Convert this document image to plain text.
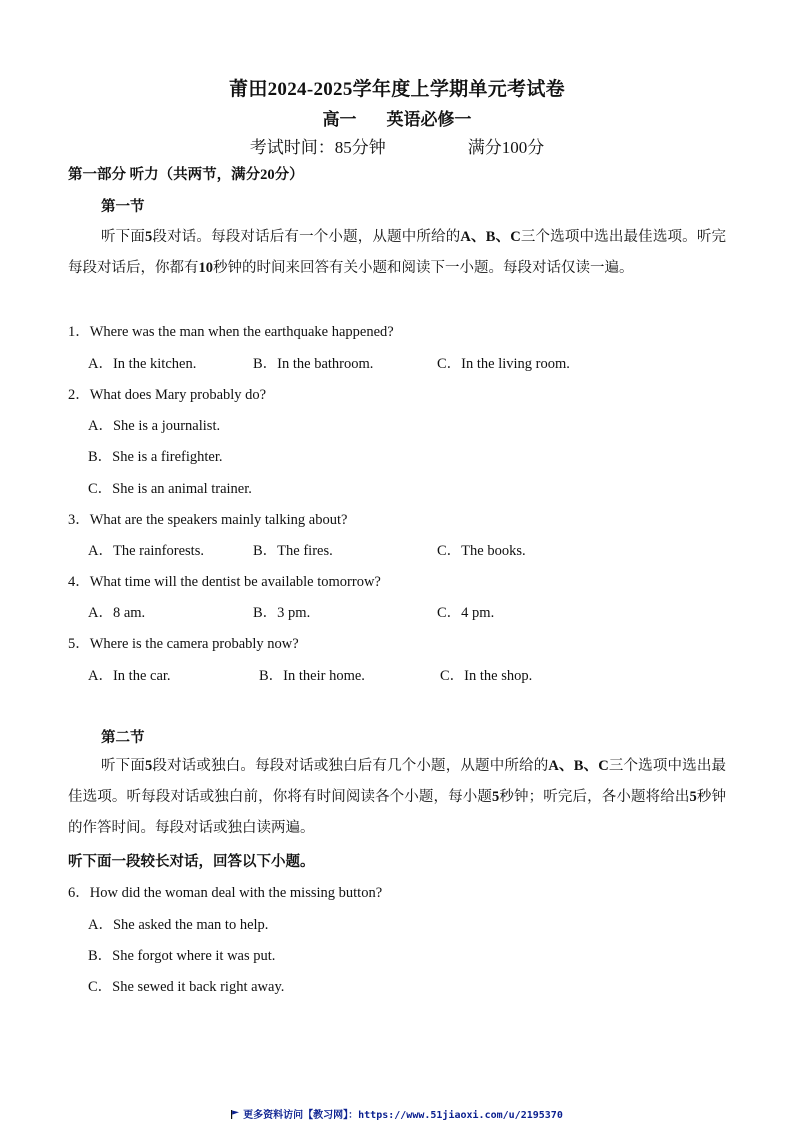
莆田2024-2025学年度上学期单元考试卷
高一 英语必修一
考试时间：85分钟	满分100分
第一部分 听力（共两节，满分20分）
第一节
听下面5段对话。每段对话后有一个小题，从题中所给的A、B、C三个选项中选出最佳选项。听完每段对话后，你都有10秒钟的时间来回答有关小题和阅读下一小题。每段对话仅读一遍。
1．Where was the man when the earthquake happened?
A．In the kitchen.	B．In the bathroom.	C．In the living room.
2．What does Mary probably do?
A．She is a journalist.
B．She is a firefighter.
C．She is an animal trainer.
3．What are the speakers mainly talking about?
A．The rainforests.	B．The fires.	C．The books.
4．What time will the dentist be available tomorrow?
A．8 am.	B．3 pm.	C．4 pm.
5．Where is the camera probably now?
A．In the car.	B．In their home.	C．In the shop.
第二节
听下面5段对话或独白。每段对话或独白后有几个小题，从题中所给的A、B、C三个选项中选出最佳选项。听每段对话或独白前，你将有时间阅读各个小题，每小题5秒钟；听完后，各小题将给出5秒钟的作答时间。每段对话或独白读两遍。
听下面一段较长对话，回答以下小题。
6．How did the woman deal with the missing button?
A．She asked the man to help.
B．She forgot where it was put.
C．She sewed it back right away.
更多资料访问【教习网】：https://www.51jiaoxi.com/u/2195370
